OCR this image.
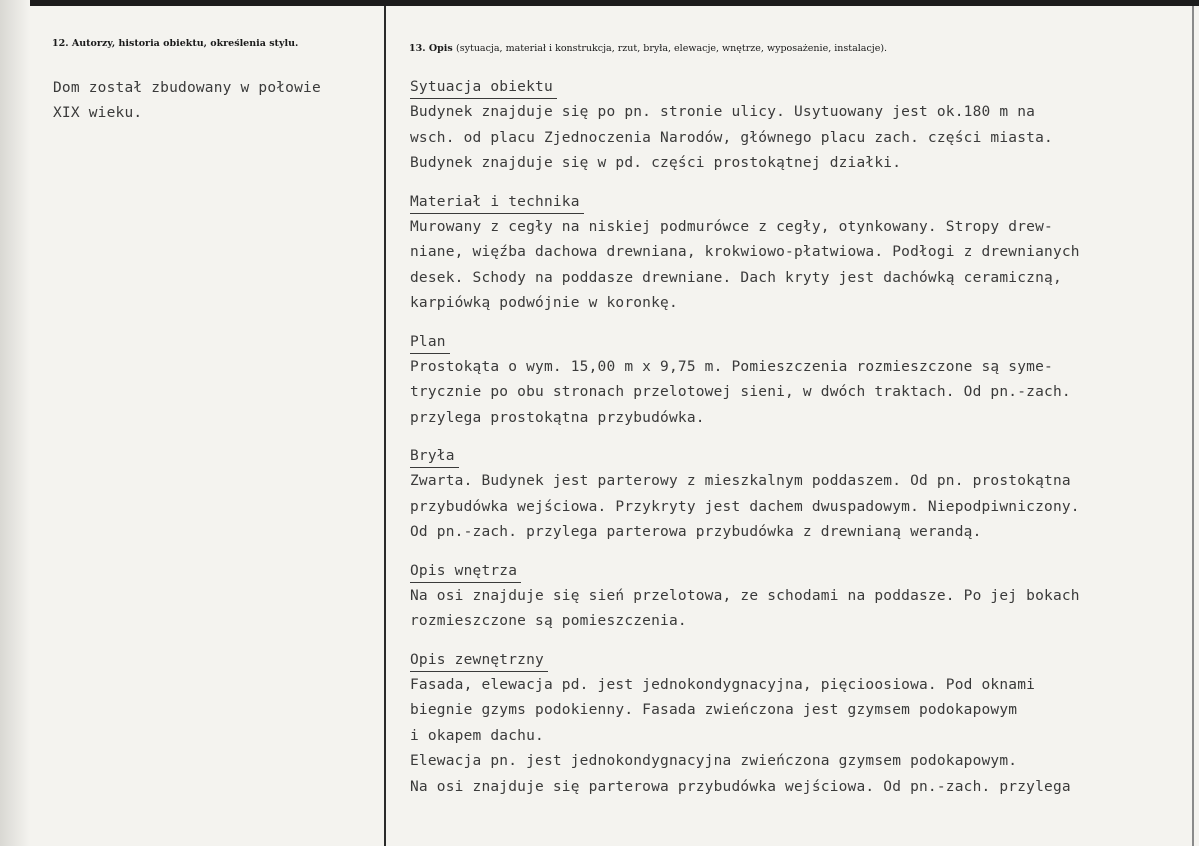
12. Autorzy, historia obiektu, określenia stylu.
Dom został zbudowany w połowie
XIX wieku.
13. Opis (sytuacja, materiał i konstrukcja, rzut, bryła, elewacje, wnętrze, wyposażenie, instalacje).
Sytuacja obiektu
Budynek znajduje się po pn. stronie ulicy. Usytuowany jest ok.180 m na
wsch. od placu Zjednoczenia Narodów, głównego placu zach. części miasta.
Budynek znajduje się w pd. części prostokątnej działki.
Materiał i technika
Murowany z cegły na niskiej podmurówce z cegły, otynkowany. Stropy drew-
niane, więźba dachowa drewniana, krokwiowo-płatwiowa. Podłogi z drewnianych
desek. Schody na poddasze drewniane. Dach kryty jest dachówką ceramiczną,
karpiówką podwójnie w koronkę.
Plan
Prostokąta o wym. 15,00 m x 9,75 m. Pomieszczenia rozmieszczone są syme-
trycznie po obu stronach przelotowej sieni, w dwóch traktach. Od pn.-zach.
przylega prostokątna przybudówka.
Bryła
Zwarta. Budynek jest parterowy z mieszkalnym poddaszem. Od pn. prostokątna
przybudówka wejściowa. Przykryty jest dachem dwuspadowym. Niepodpiwniczony.
Od pn.-zach. przylega parterowa przybudówka z drewnianą werandą.
Opis wnętrza
Na osi znajduje się sień przelotowa, ze schodami na poddasze. Po jej bokach
rozmieszczone są pomieszczenia.
Opis zewnętrzny
Fasada, elewacja pd. jest jednokondygnacyjna, pięcioosiowa. Pod oknami
biegnie gzyms podokienny. Fasada zwieńczona jest gzymsem podokapowym
i okapem dachu.
Elewacja pn. jest jednokondygnacyjna zwieńczona gzymsem podokapowym.
Na osi znajduje się parterowa przybudówka wejściowa. Od pn.-zach. przylega
